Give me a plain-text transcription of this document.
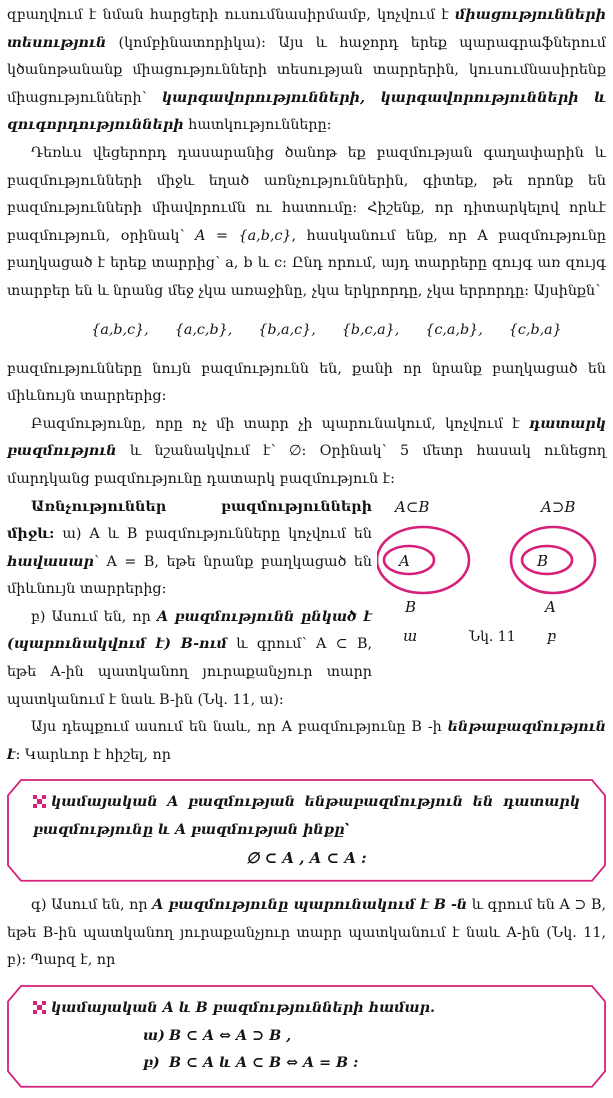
զբաղվում է նման հարցերի ուսումնասիրմամբ, կոչվում է միացությունների տեսություն (կոմբինատորիկա): Այս և հաջորդ երեք պարագրաֆներում կծանոթանանք միացությունների տեսության տարրերին, կուսումնասիրենք միացությունների՝ կարգավորությունների, կարգավորությունների և զուգորդությունների հատկությունները:

Դեռևս վեցերորդ դասարանից ծանոթ եք բազմության գաղափարին և բազմությունների միջև եղած առնչություններին, գիտեք, թե որոնք են բազմությունների միավորումն ու հատումը: Հիշենք, որ դիտարկելով որևէ բազմություն, օրինակ՝ A = {a,b,c}, հասկանում ենք, որ A բազմությունը բաղկացած է երեք տարրից՝ a, b և c: Ընդ որում, այդ տարրերը զույգ առ զույգ տարբեր են և նրանց մեջ չկա առաջինը, չկա երկրորդը, չկա երրորդը: Այսինքն՝

{a,b,c}, {a,c,b}, {b,a,c}, {b,c,a}, {c,a,b}, {c,b,a}

բազմությունները նույն բազմությունն են, քանի որ նրանք բաղկացած են միևնույն տարրերից:

Բազմությունը, որը ոչ մի տարր չի պարունակում, կոչվում է դատարկ բազմություն և նշանակվում է՝ ∅: Օրինակ՝ 5 մետր հասակ ունեցող մարդկանց բազմությունը դատարկ բազմություն է:

Առնչություններ բազմությունների միջև: ա) A և B բազմությունները կոչվում են հավասար՝ A = B, եթե նրանք բաղկացած են միևնույն տարրերից:

բ) Ասում են, որ A բազմությունն ընկած է (պարունակվում է) B-ում և գրում՝ A ⊂ B, եթե A-ին պատկանող յուրաքանչյուր տարր պատկանում է նաև B-ին (Նկ. 11, ա):

A⊂B	A⊃B
A
B
B
A
ա	Նկ. 11 բ

Այս դեպքում ասում են նաև, որ A բազմությունը B -ի ենթաբազմություն է: Կարևոր է հիշել, որ

կամայական A բազմության ենթաբազմություն են դատարկ բազմությունը և A բազմության ինքը՝
∅ ⊂ A , A ⊂ A :

գ) Ասում են, որ A բազմությունը պարունակում է B -ն և գրում են A ⊃ B, եթե B-ին պատկանող յուրաքանչյուր տարր պատկանում է նաև A-ին (Նկ. 11, բ): Պարզ է, որ

կամայական A և B բազմությունների համար.
ա) B ⊂ A ⇔ A ⊃ B ,
բ) B ⊂ A և A ⊂ B ⇔ A = B :
